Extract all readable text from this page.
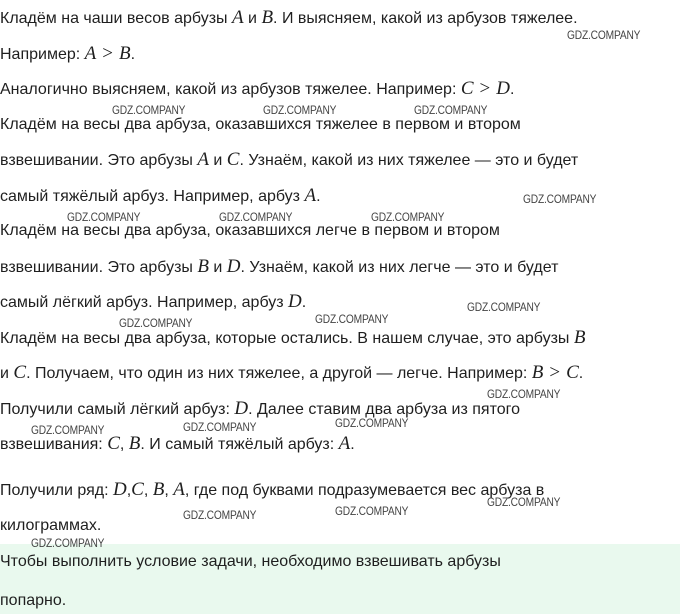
Кладём на чаши весов арбузы A и B. И выясняем, какой из арбузов тяжелее.
Например: A > B.
Аналогично выясняем, какой из арбузов тяжелее. Например: C > D.
Кладём на весы два арбуза, оказавшихся тяжелее в первом и втором
взвешивании. Это арбузы A и C. Узнаём, какой из них тяжелее — это и будет
самый тяжёлый арбуз. Например, арбуз A.
Кладём на весы два арбуза, оказавшихся легче в первом и втором
взвешивании. Это арбузы B и D. Узнаём, какой из них легче — это и будет
самый лёгкий арбуз. Например, арбуз D.
Кладём на весы два арбуза, которые остались. В нашем случае, это арбузы B
и C. Получаем, что один из них тяжелее, а другой — легче. Например: B > C.
Получили самый лёгкий арбуз: D. Далее ставим два арбуза из пятого
взвешивания: C, B. И самый тяжёлый арбуз: A.
Получили ряд: D,C, B, A, где под буквами подразумевается вес арбуза в
килограммах.
Чтобы выполнить условие задачи, необходимо взвешивать арбузы
попарно.
GDZ.COMPANY
GDZ.COMPANY	GDZ.COMPANY	GDZ.COMPANY
GDZ.COMPANY
GDZ.COMPANY	GDZ.COMPANY	GDZ.COMPANY
GDZ.COMPANY
GDZ.COMPANY	GDZ.COMPANY
GDZ.COMPANY
GDZ.COMPANY	GDZ.COMPANY	GDZ.COMPANY
GDZ.COMPANY
GDZ.COMPANY	GDZ.COMPANY
GDZ.COMPANY
